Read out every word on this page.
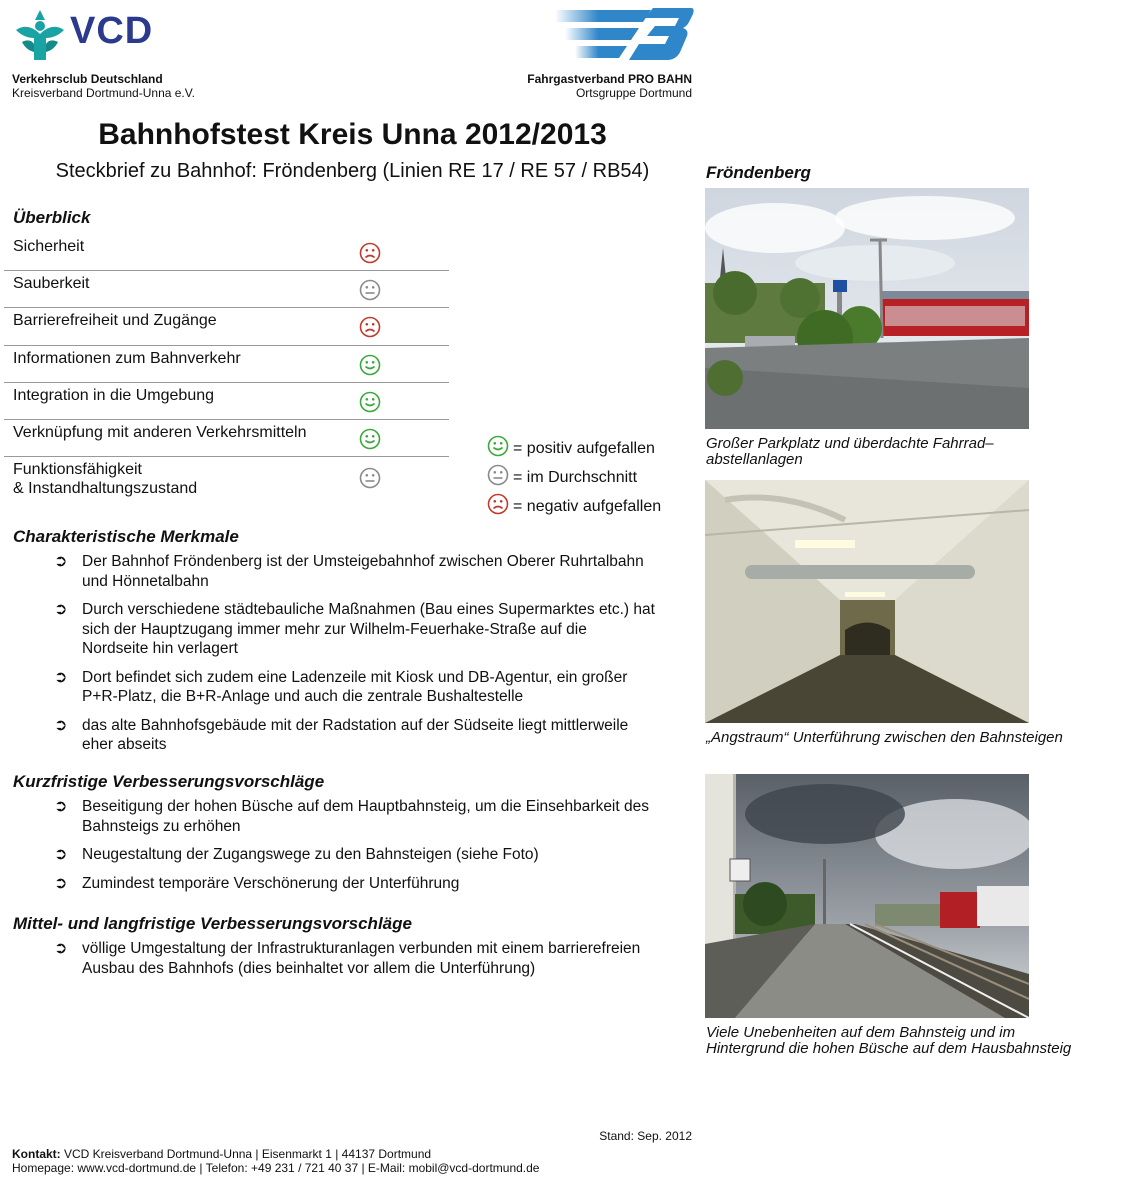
VCD
Verkehrsclub Deutschland
Kreisverband Dortmund-Unna e.V.
Fahrgastverband PRO BAHN
Ortsgruppe Dortmund
Bahnhofstest Kreis Unna 2012/2013
Steckbrief zu Bahnhof: Fröndenberg (Linien RE 17 / RE 57 / RB54)
Überblick
Sicherheit
Sauberkeit
Barrierefreiheit und Zugänge
Informationen zum Bahnverkehr
Integration in die Umgebung
Verknüpfung mit anderen Verkehrsmitteln
Funktionsfähigkeit
& Instandhaltungszustand
= positiv aufgefallen
= im Durchschnitt
= negativ aufgefallen
Charakteristische Merkmale
➲ Der Bahnhof Fröndenberg ist der Umsteigebahnhof zwischen Oberer Ruhrtalbahn
und Hönnetalbahn
➲ Durch verschiedene städtebauliche Maßnahmen (Bau eines Supermarktes etc.) hat
sich der Hauptzugang immer mehr zur Wilhelm-Feuerhake-Straße auf die
Nordseite hin verlagert
➲ Dort befindet sich zudem eine Ladenzeile mit Kiosk und DB-Agentur, ein großer
P+R-Platz, die B+R-Anlage und auch die zentrale Bushaltestelle
➲ das alte Bahnhofsgebäude mit der Radstation auf der Südseite liegt mittlerweile
eher abseits
Kurzfristige Verbesserungsvorschläge
➲ Beseitigung der hohen Büsche auf dem Hauptbahnsteig, um die Einsehbarkeit des
Bahnsteigs zu erhöhen
➲ Neugestaltung der Zugangswege zu den Bahnsteigen (siehe Foto)
➲ Zumindest temporäre Verschönerung der Unterführung
Mittel- und langfristige Verbesserungsvorschläge
➲ völlige Umgestaltung der Infrastrukturanlagen verbunden mit einem barrierefreien
Ausbau des Bahnhofs (dies beinhaltet vor allem die Unterführung)
Fröndenberg
Großer Parkplatz und überdachte Fahrrad–
abstellanlagen
„Angstraum“ Unterführung zwischen den Bahnsteigen
Viele Unebenheiten auf dem Bahnsteig und im
Hintergrund die hohen Büsche auf dem Hausbahnsteig
Stand: Sep. 2012
Kontakt: VCD Kreisverband Dortmund-Unna | Eisenmarkt 1 | 44137 Dortmund
Homepage: www.vcd-dortmund.de | Telefon: +49 231 / 721 40 37 | E-Mail: mobil@vcd-dortmund.de
